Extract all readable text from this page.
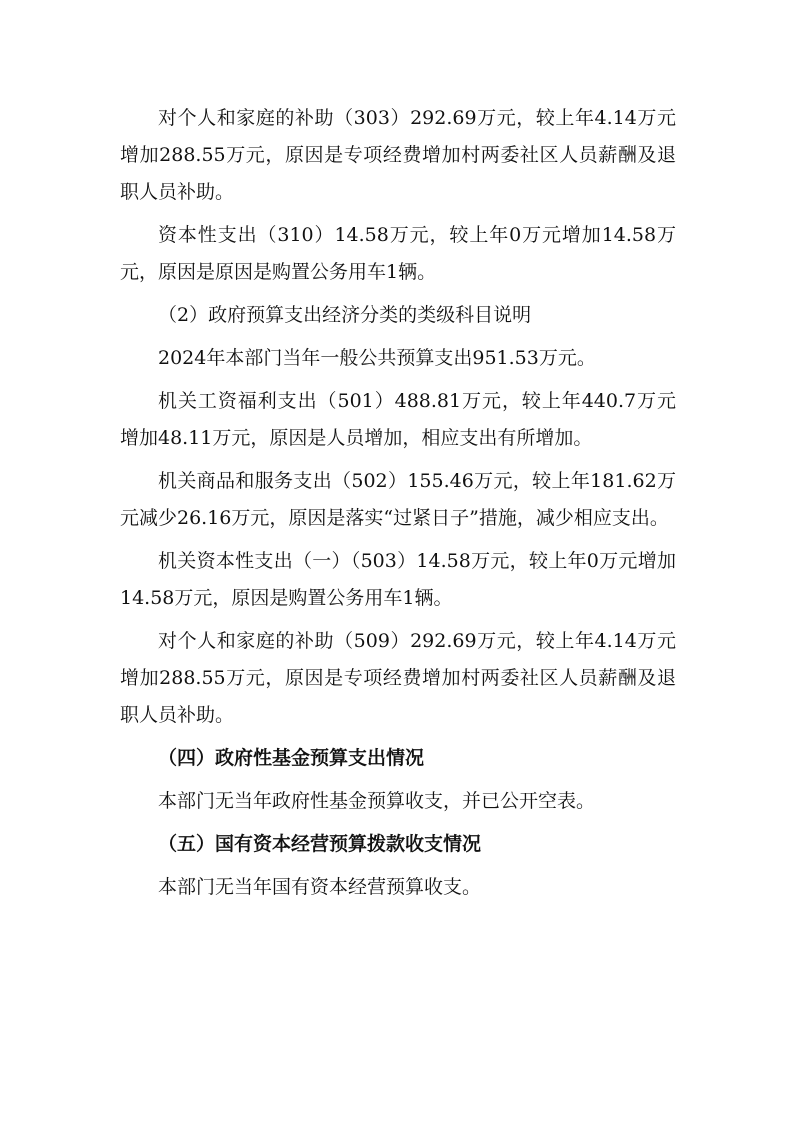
对个人和家庭的补助（303）292.69万元，较上年4.14万元增加288.55万元，原因是专项经费增加村两委社区人员薪酬及退职人员补助。

资本性支出（310）14.58万元，较上年0万元增加14.58万元，原因是原因是购置公务用车1辆。

（2）政府预算支出经济分类的类级科目说明

2024年本部门当年一般公共预算支出951.53万元。

机关工资福利支出（501）488.81万元，较上年440.7万元增加48.11万元，原因是人员增加，相应支出有所增加。

机关商品和服务支出（502）155.46万元，较上年181.62万元减少26.16万元，原因是落实“过紧日子”措施，减少相应支出。

机关资本性支出（一）（503）14.58万元，较上年0万元增加14.58万元，原因是购置公务用车1辆。

对个人和家庭的补助（509）292.69万元，较上年4.14万元增加288.55万元，原因是专项经费增加村两委社区人员薪酬及退职人员补助。

（四）政府性基金预算支出情况

本部门无当年政府性基金预算收支，并已公开空表。

（五）国有资本经营预算拨款收支情况

本部门无当年国有资本经营预算收支。
